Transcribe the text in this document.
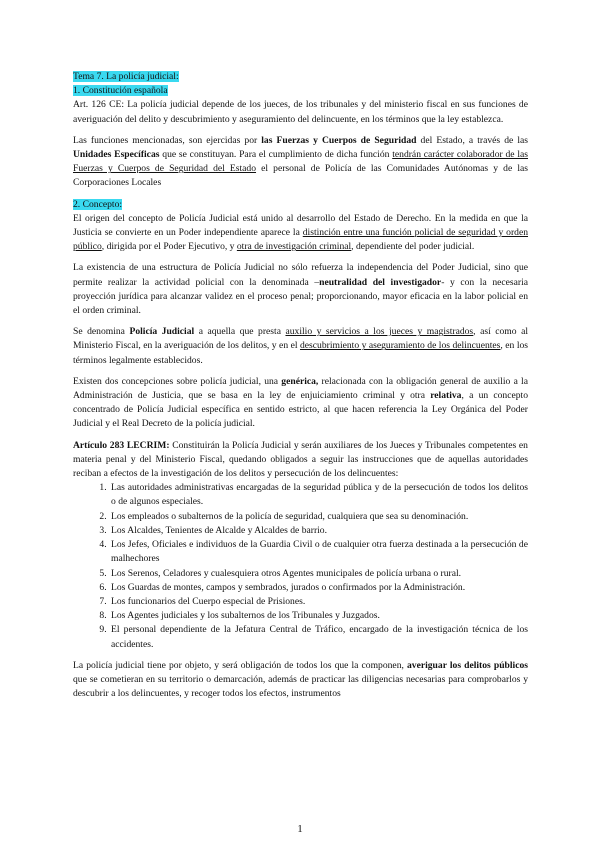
Tema 7. La policía judicial:
1. Constitución española

Art. 126 CE: La policía judicial depende de los jueces, de los tribunales y del ministerio fiscal en sus funciones de averiguación del delito y descubrimiento y aseguramiento del delincuente, en los términos que la ley establezca.

Las funciones mencionadas, son ejercidas por las Fuerzas y Cuerpos de Seguridad del Estado, a través de las Unidades Específicas que se constituyan. Para el cumplimiento de dicha función tendrán carácter colaborador de las Fuerzas y Cuerpos de Seguridad del Estado el personal de Policía de las Comunidades Autónomas y de las Corporaciones Locales

2. Concepto:

El origen del concepto de Policía Judicial está unido al desarrollo del Estado de Derecho. En la medida en que la Justicia se convierte en un Poder independiente aparece la distinción entre una función policial de seguridad y orden público, dirigida por el Poder Ejecutivo, y otra de investigación criminal, dependiente del poder judicial.

La existencia de una estructura de Policía Judicial no sólo refuerza la independencia del Poder Judicial, sino que permite realizar la actividad policial con la denominada –neutralidad del investigador- y con la necesaria proyección jurídica para alcanzar validez en el proceso penal; proporcionando, mayor eficacia en la labor policial en el orden criminal.

Se denomina Policía Judicial a aquella que presta auxilio y servicios a los jueces y magistrados, así como al Ministerio Fiscal, en la averiguación de los delitos, y en el descubrimiento y aseguramiento de los delincuentes, en los términos legalmente establecidos.

Existen dos concepciones sobre policía judicial, una genérica, relacionada con la obligación general de auxilio a la Administración de Justicia, que se basa en la ley de enjuiciamiento criminal y otra relativa, a un concepto concentrado de Policía Judicial específica en sentido estricto, al que hacen referencia la Ley Orgánica del Poder Judicial y el Real Decreto de la policía judicial.

Artículo 283 LECRIM: Constituirán la Policía Judicial y serán auxiliares de los Jueces y Tribunales competentes en materia penal y del Ministerio Fiscal, quedando obligados a seguir las instrucciones que de aquellas autoridades reciban a efectos de la investigación de los delitos y persecución de los delincuentes:

1. Las autoridades administrativas encargadas de la seguridad pública y de la persecución de todos los delitos o de algunos especiales.
2. Los empleados o subalternos de la policía de seguridad, cualquiera que sea su denominación.
3. Los Alcaldes, Tenientes de Alcalde y Alcaldes de barrio.
4. Los Jefes, Oficiales e individuos de la Guardia Civil o de cualquier otra fuerza destinada a la persecución de malhechores
5. Los Serenos, Celadores y cualesquiera otros Agentes municipales de policía urbana o rural.
6. Los Guardas de montes, campos y sembrados, jurados o confirmados por la Administración.
7. Los funcionarios del Cuerpo especial de Prisiones.
8. Los Agentes judiciales y los subalternos de los Tribunales y Juzgados.
9. El personal dependiente de la Jefatura Central de Tráfico, encargado de la investigación técnica de los accidentes.

La policía judicial tiene por objeto, y será obligación de todos los que la componen, averiguar los delitos públicos que se cometieran en su territorio o demarcación, además de practicar las diligencias necesarias para comprobarlos y descubrir a los delincuentes, y recoger todos los efectos, instrumentos

1
